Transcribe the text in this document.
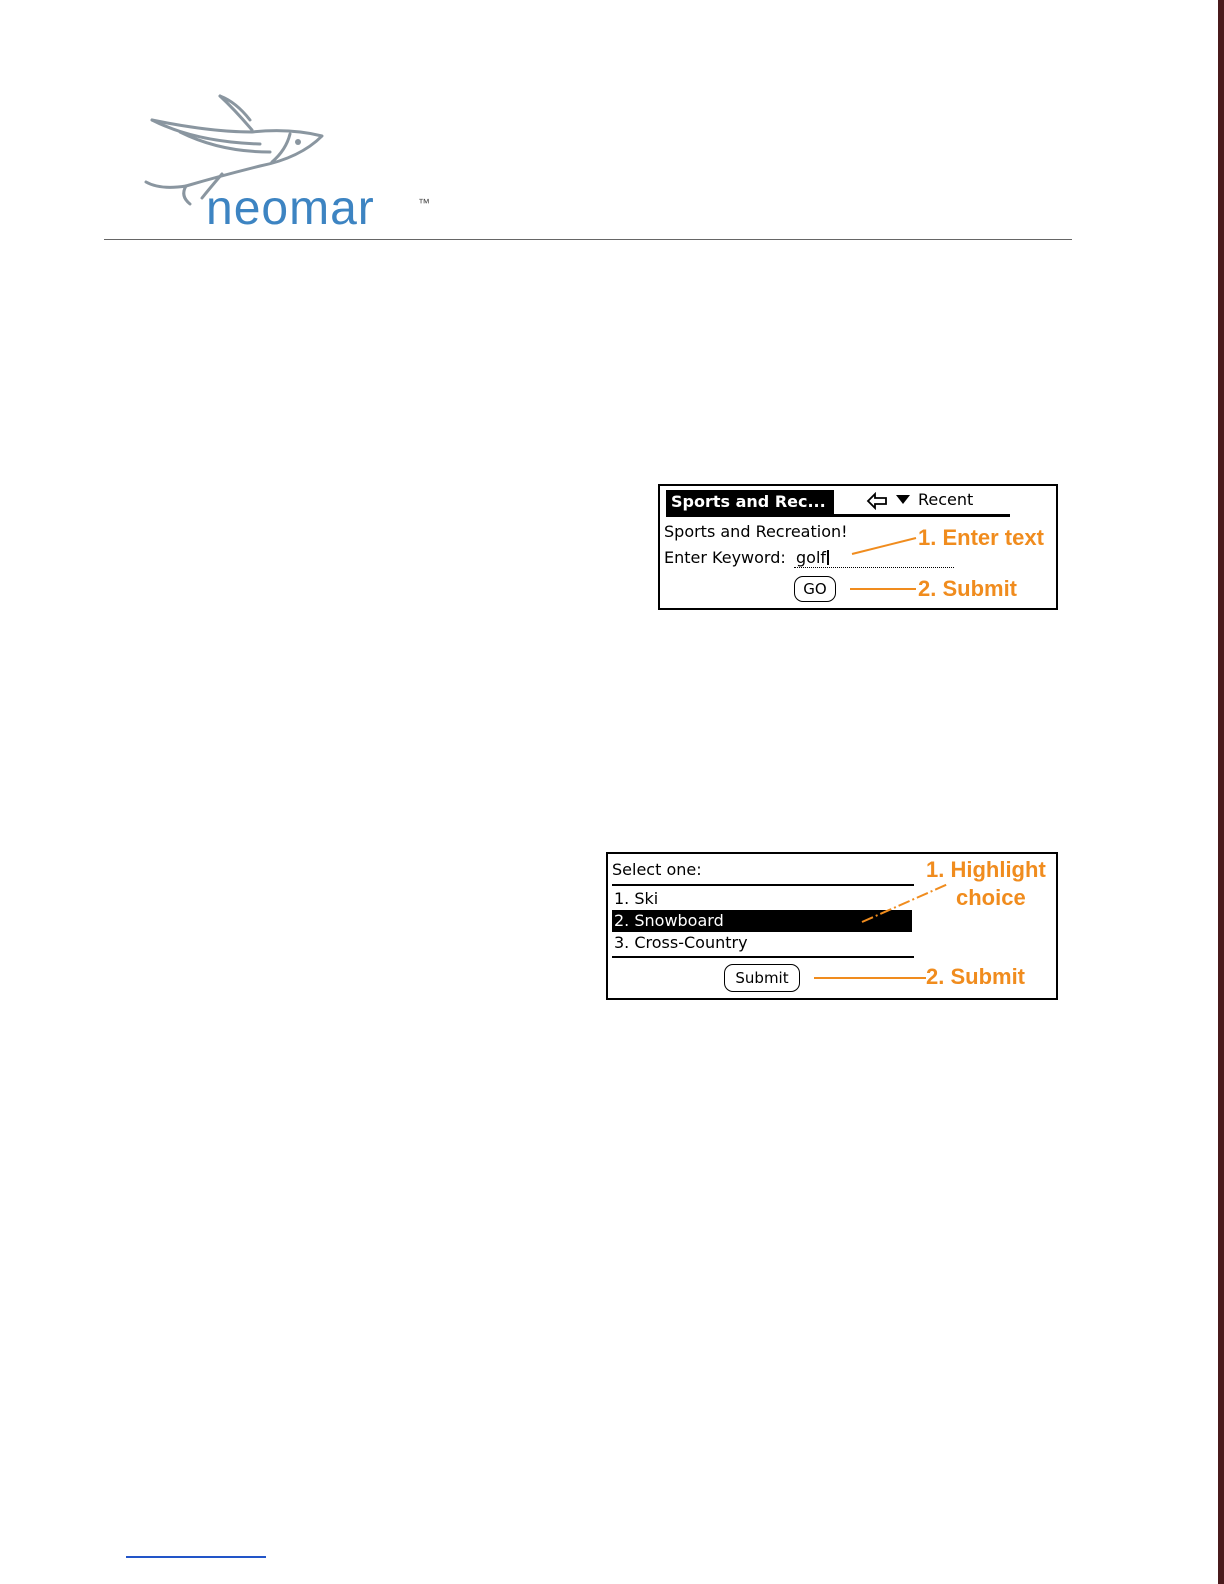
neomar	™
Sports and Rec...	Recent
Sports and Recreation!
Enter Keyword: golf
GO
1. Enter text
2. Submit
Select one:
1. Ski
2. Snowboard
3. Cross-Country
Submit
1. Highlight
choice
2. Submit
